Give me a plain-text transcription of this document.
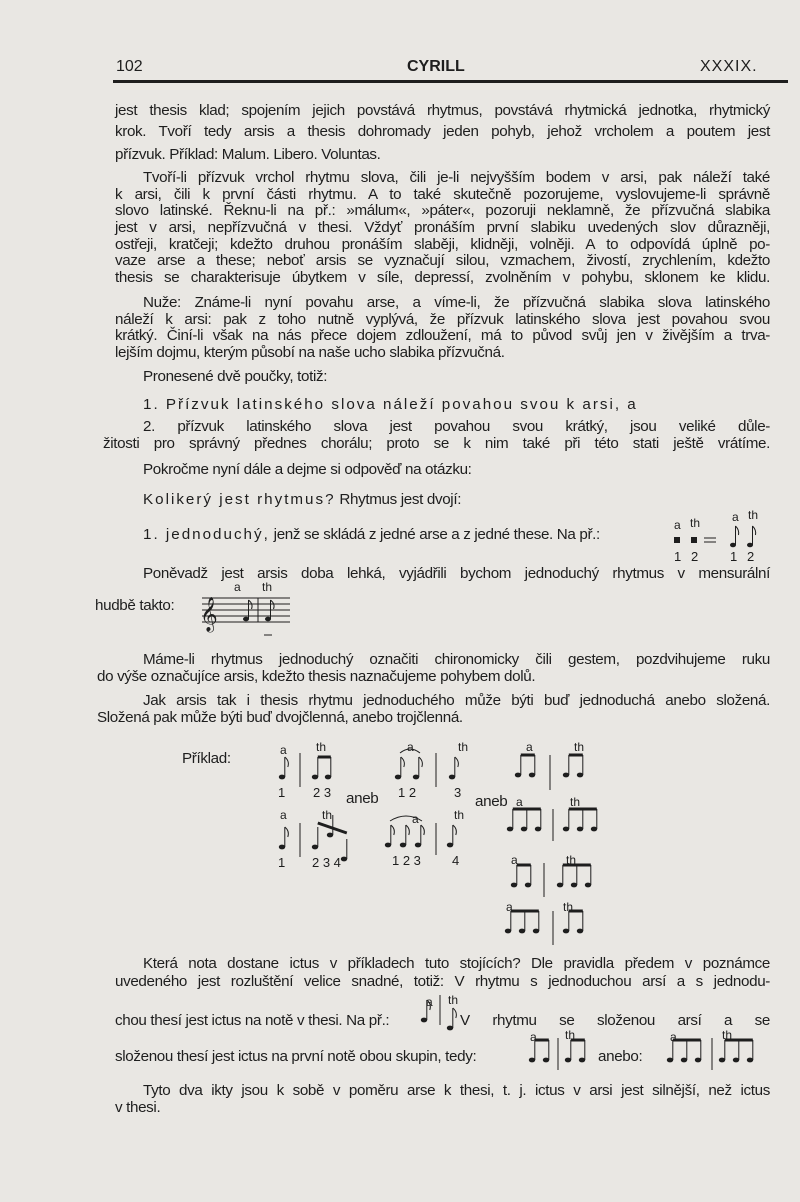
102	CYRILL	XXXIX.
jest thesis klad; spojením jejich povstává rhytmus, povstává rhytmická jednotka, rhytmický
krok. Tvoří tedy arsis a thesis dohromady jeden pohyb, jehož vrcholem a poutem jest
přízvuk. Příklad: Malum. Libero. Voluntas.
Tvoří-li přízvuk vrchol rhytmu slova, čili je-li nejvyšším bodem v arsi, pak náleží také
k arsi, čili k první části rhytmu. A to také skutečně pozorujeme, vyslovujeme-li správně
slovo latinské. Řeknu-li na př.: »málum«, »páter«, pozoruji neklamně, že přízvučná slabika
jest v arsi, nepřízvučná v thesi. Vždyť pronáším první slabiku uvedených slov důrazněji,
ostřeji, kratčeji; kdežto druhou pronáším slaběji, klidněji, volněji. A to odpovídá úplně po-
vaze arse a these; neboť arsis se vyznačují silou, vzmachem, živostí, zrychlením, kdežto
thesis se charakterisuje úbytkem v síle, depressí, zvolněním v pohybu, sklonem ke klidu.
Nuže: Známe-li nyní povahu arse, a víme-li, že přízvučná slabika slova latinského
náleží k arsi: pak z toho nutně vyplývá, že přízvuk latinského slova jest povahou svou
krátký. Činí-li však na nás přece dojem zdloužení, má to původ svůj jen v živějším a trva-
lejším dojmu, kterým působí na naše ucho slabika přízvučná.
Pronesené dvě poučky, totiž:
1. Přízvuk latinského slova náleží povahou svou k arsi, a
2. přízvuk latinského slova jest povahou svou krátký, jsou veliké důle-
žitosti pro správný přednes chorálu; proto se k nim také při této stati ještě vrátíme.
Pokročme nyní dále a dejme si odpověď na otázku:
Kolikerý jest rhytmus? Rhytmus jest dvojí:
1. jednoduchý, jenž se skládá z jedné arse a z jedné these. Na př.:
a th	a th
1 2 1 2
Poněvadž jest arsis doba lehká, vyjádřili bychom jednoduchý rhytmus v mensurální
hudbě takto:
a th
𝄞
Máme-li rhytmus jednoduchý označiti chironomicky čili gestem, pozdvihujeme ruku
do výše označujíce arsis, kdežto thesis naznačujeme pohybem dolů.
Jak arsis tak i thesis rhytmu jednoduchého může býti buď jednoduchá anebo složená.
Složená pak může býti buď dvojčlenná, anebo trojčlenná.
Příklad:
aneb	aneb
a th
1 2 3
a	th
1 2	3
a	th
1 2 3 4
a	th
1 2 3 4
a	th
a	th
a	th
a	th
Která nota dostane ictus v příkladech tuto stojících? Dle pravidla předem v poznámce
uvedeného jest rozluštění velice snadné, totiž: V rhytmu s jednoduchou arsí a s jednodu-
chou thesí jest ictus na notě v thesi. Na př.:	V rhytmu se složenou arsí a se
složenou thesí jest ictus na první notě obou skupin, tedy:	anebo:
a th
a th	a	th
Tyto dva ikty jsou k sobě v poměru arse k thesi, t. j. ictus v arsi jest silnější, než ictus
v thesi.
